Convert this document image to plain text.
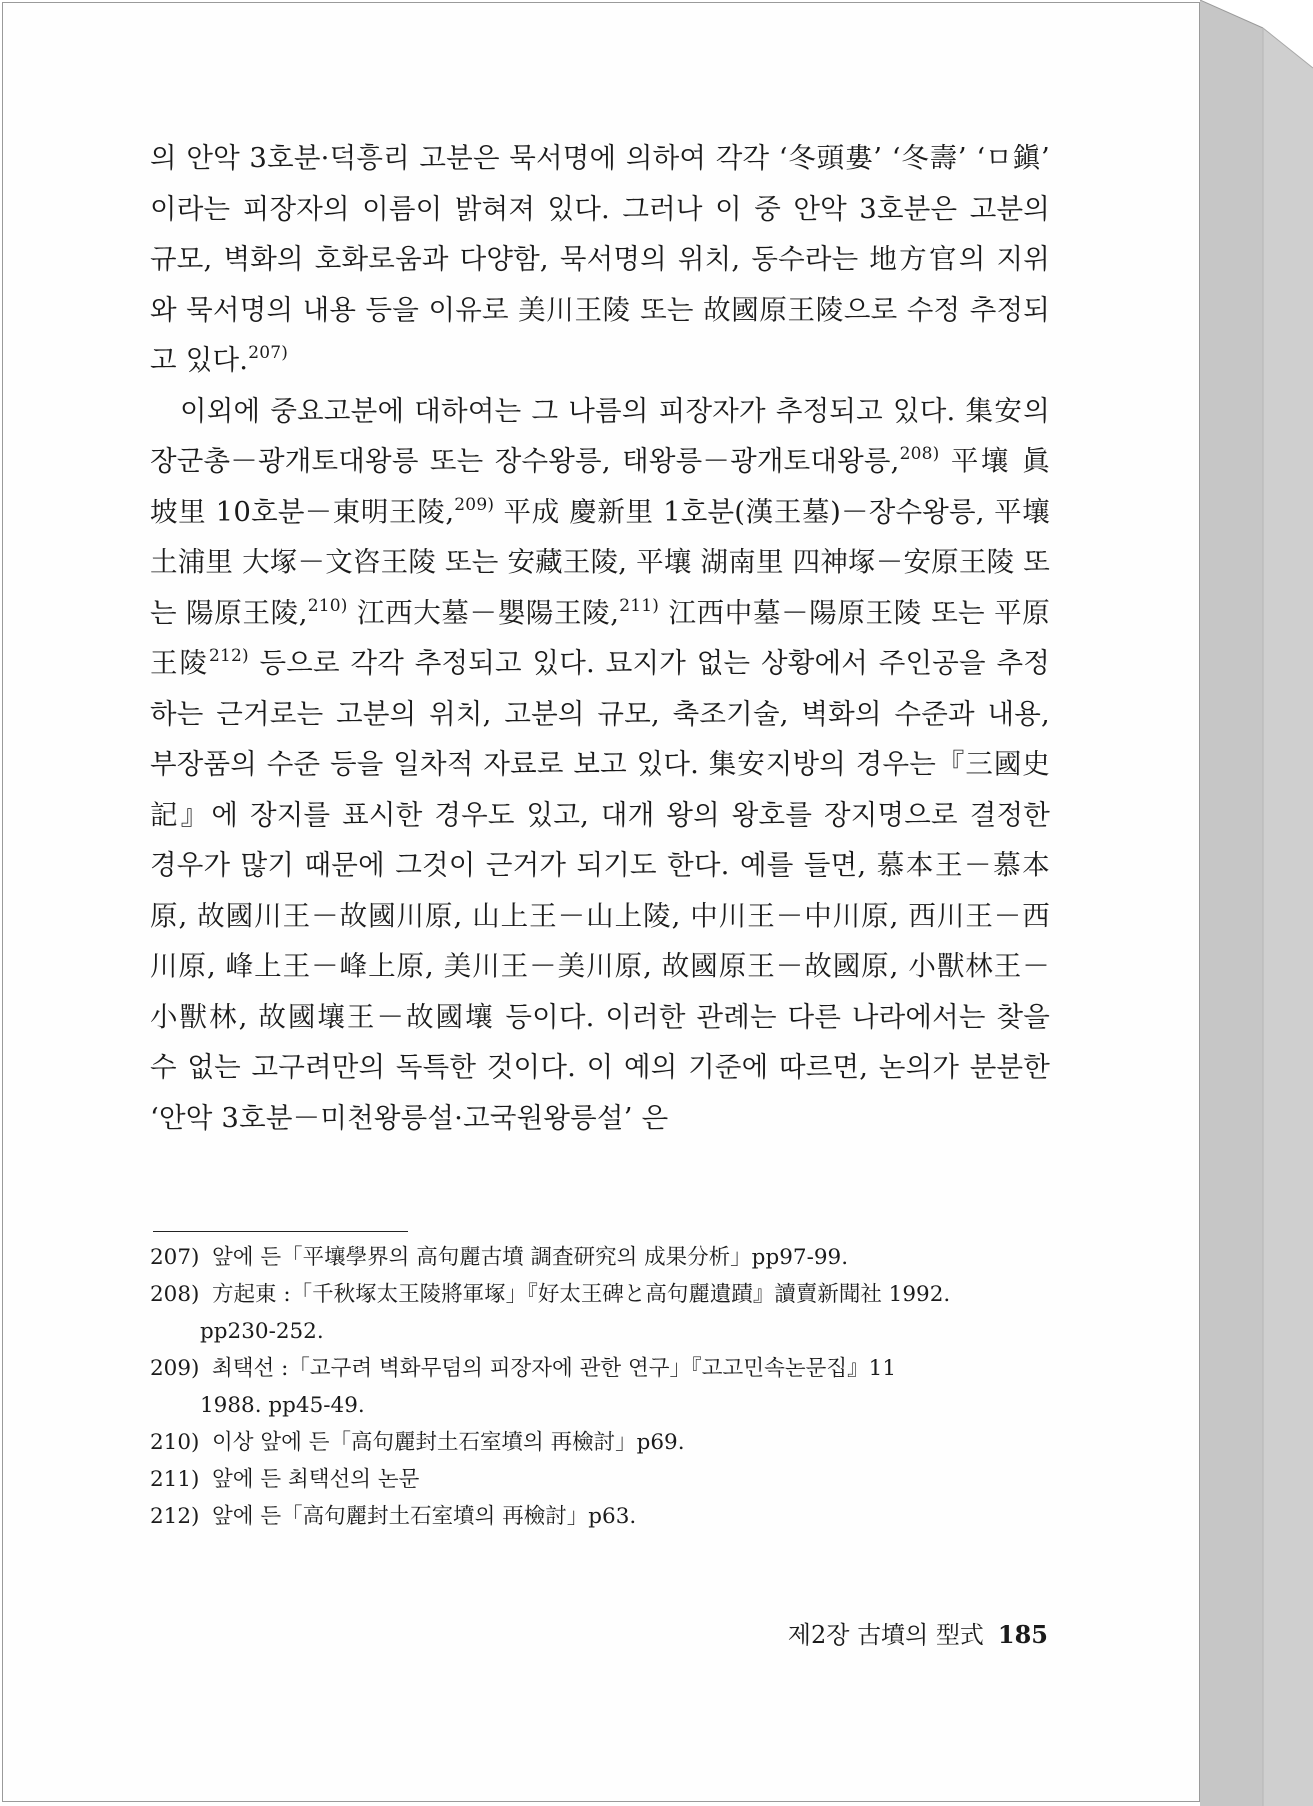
의 안악 3호분·덕흥리 고분은 묵서명에 의하여 각각 ‘冬頭婁’ ‘冬壽’ ‘ㅁ鎭’ 이라는 피장자의 이름이 밝혀져 있다. 그러나 이 중 안악 3호분은 고분의 규모, 벽화의 호화로움과 다양함, 묵서명의 위치, 동수라는 地方官의 지위와 묵서명의 내용 등을 이유로 美川王陵 또는 故國原王陵으로 수정 추정되고 있다.$^{207)}$

이외에 중요고분에 대하여는 그 나름의 피장자가 추정되고 있다. 集安의 장군총－광개토대왕릉 또는 장수왕릉, 태왕릉－광개토대왕릉,$^{208)}$ 平壤 眞坡里 10호분－東明王陵,$^{209)}$ 平成 慶新里 1호분(漢王墓)－장수왕릉, 平壤 土浦里 大塚－文咨王陵 또는 安藏王陵, 平壤 湖南里 四神塚－安原王陵 또는 陽原王陵,$^{210)}$ 江西大墓－嬰陽王陵,$^{211)}$ 江西中墓－陽原王陵 또는 平原王陵$^{212)}$ 등으로 각각 추정되고 있다. 묘지가 없는 상황에서 주인공을 추정하는 근거로는 고분의 위치, 고분의 규모, 축조기술, 벽화의 수준과 내용, 부장품의 수준 등을 일차적 자료로 보고 있다. 集安지방의 경우는『三國史記』에 장지를 표시한 경우도 있고, 대개 왕의 왕호를 장지명으로 결정한 경우가 많기 때문에 그것이 근거가 되기도 한다. 예를 들면, 慕本王－慕本原, 故國川王－故國川原, 山上王－山上陵, 中川王－中川原, 西川王－西川原, 峰上王－峰上原, 美川王－美川原, 故國原王－故國原, 小獸林王－小獸林, 故國壤王－故國壤 등이다. 이러한 관례는 다른 나라에서는 찾을 수 없는 고구려만의 독특한 것이다. 이 예의 기준에 따르면, 논의가 분분한 ‘안악 3호분－미천왕릉설·고국원왕릉설’ 은

207) 앞에 든「平壤學界의 高句麗古墳 調査研究의 成果分析」pp97-99.
208) 方起東 :「千秋塚太王陵將軍塚」『好太王碑と高句麗遺蹟』讀賣新聞社 1992.
pp230-252.
209) 최택선 :「고구려 벽화무덤의 피장자에 관한 연구」『고고민속논문집』11
1988. pp45-49.
210) 이상 앞에 든「高句麗封土石室墳의 再檢討」p69.
211) 앞에 든 최택선의 논문
212) 앞에 든「高句麗封土石室墳의 再檢討」p63.
제2장 古墳의 型式 185
